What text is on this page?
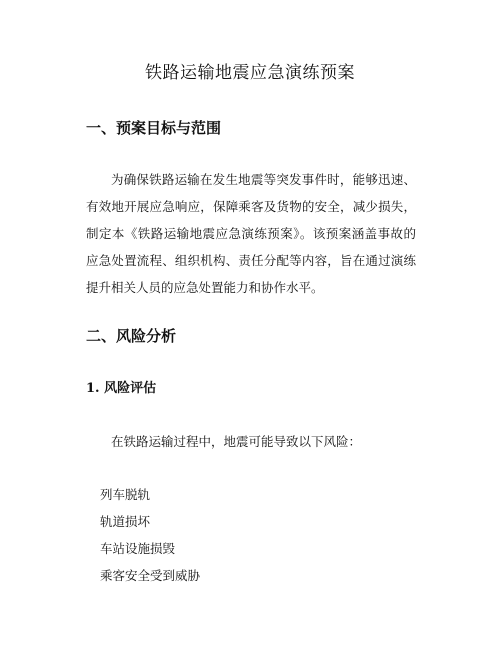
铁路运输地震应急演练预案
一、预案目标与范围

为确保铁路运输在发生地震等突发事件时，能够迅速、有效地开展应急响应，保障乘客及货物的安全，减少损失，制定本《铁路运输地震应急演练预案》。该预案涵盖事故的应急处置流程、组织机构、责任分配等内容，旨在通过演练提升相关人员的应急处置能力和协作水平。

二、风险分析
1. 风险评估

在铁路运输过程中，地震可能导致以下风险：

列车脱轨
轨道损坏
车站设施损毁
乘客安全受到威胁
